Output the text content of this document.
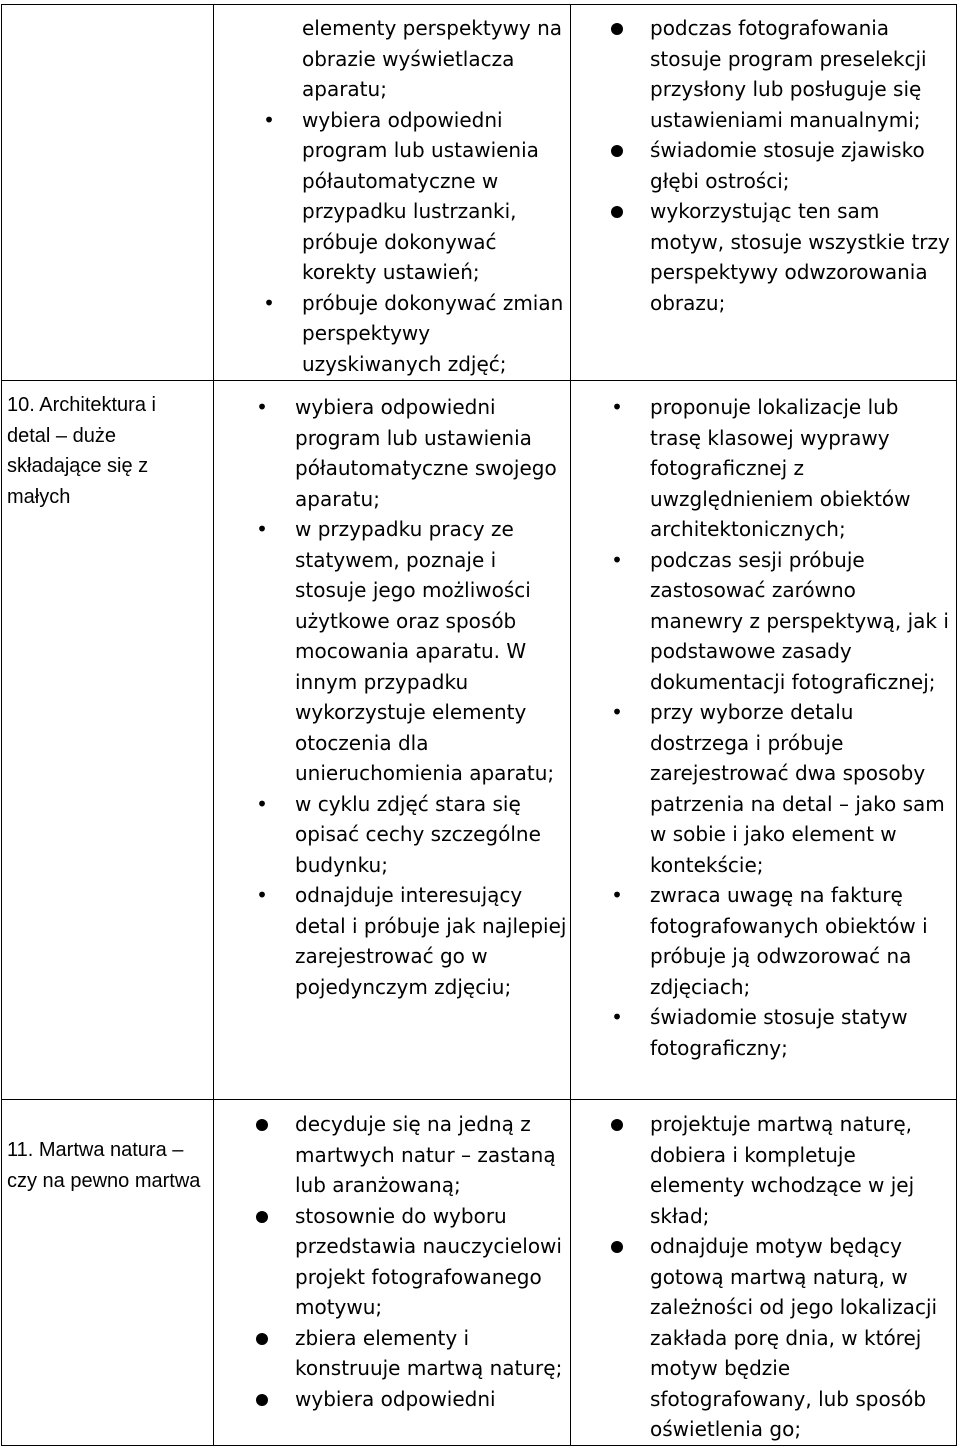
elementy perspektywy na obrazie wyświetlacza aparatu;
•
wybiera odpowiedni program lub ustawienia półautomatyczne w przypadku lustrzanki, próbuje dokonywać korekty ustawień;
•
próbuje dokonywać zmian perspektywy uzyskiwanych zdjęć;
podczas fotografowania stosuje program preselekcji przysłony lub posługuje się ustawieniami manualnymi;
świadomie stosuje zjawisko głębi ostrości;
wykorzystując ten sam motyw, stosuje wszystkie trzy perspektywy odwzorowania obrazu;
10. Architektura i detal – duże składające się z małych
•
wybiera odpowiedni program lub ustawienia półautomatyczne swojego aparatu;
•
w przypadku pracy ze statywem, poznaje i stosuje jego możliwości użytkowe oraz sposób mocowania aparatu. W innym przypadku wykorzystuje elementy otoczenia dla unieruchomienia aparatu;
•
w cyklu zdjęć stara się opisać cechy szczególne budynku;
•
odnajduje interesujący detal i próbuje jak najlepiej zarejestrować go w pojedynczym zdjęciu;
•
proponuje lokalizacje lub trasę klasowej wyprawy fotograficznej z uwzględnieniem obiektów architektonicznych;
•
podczas sesji próbuje zastosować zarówno manewry z perspektywą, jak i podstawowe zasady dokumentacji fotograficznej;
•
przy wyborze detalu dostrzega i próbuje zarejestrować dwa sposoby patrzenia na detal – jako sam w sobie i jako element w kontekście;
•
zwraca uwagę na fakturę fotografowanych obiektów i próbuje ją odwzorować na zdjęciach;
•
świadomie stosuje statyw fotograficzny;
11. Martwa natura – czy na pewno martwa
decyduje się na jedną z martwych natur – zastaną lub aranżowaną;
stosownie do wyboru przedstawia nauczycielowi projekt fotografowanego motywu;
zbiera elementy i konstruuje martwą naturę;
wybiera odpowiedni
projektuje martwą naturę, dobiera i kompletuje elementy wchodzące w jej skład;
odnajduje motyw będący gotową martwą naturą, w zależności od jego lokalizacji zakłada porę dnia, w której motyw będzie sfotografowany, lub sposób oświetlenia go;
